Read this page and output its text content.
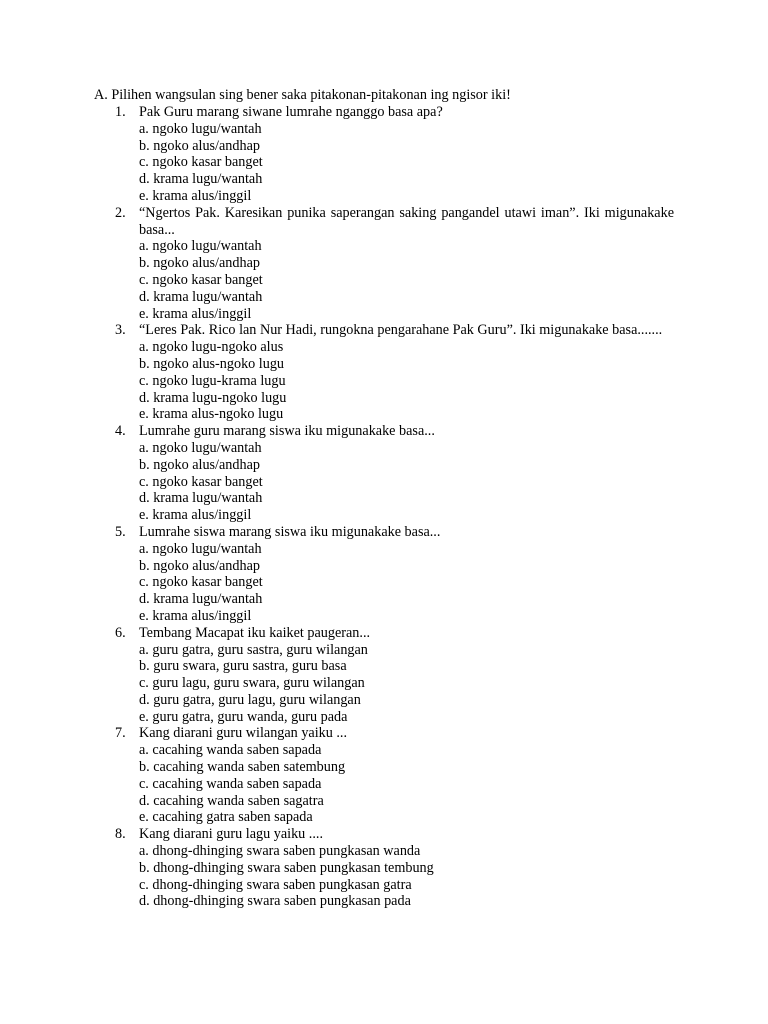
A. Pilihen wangsulan sing bener saka pitakonan-pitakonan ing ngisor iki!
1. Pak Guru marang siwane lumrahe nganggo basa apa?
a. ngoko lugu/wantah
b. ngoko alus/andhap
c. ngoko kasar banget
d. krama lugu/wantah
e. krama alus/inggil
2. “Ngertos Pak. Karesikan punika saperangan saking pangandel utawi iman”. Iki migunakake basa...
a. ngoko lugu/wantah
b. ngoko alus/andhap
c. ngoko kasar banget
d. krama lugu/wantah
e. krama alus/inggil
3. “Leres Pak. Rico lan Nur Hadi, rungokna pengarahane Pak Guru”. Iki migunakake basa.......
a. ngoko lugu-ngoko alus
b. ngoko alus-ngoko lugu
c. ngoko lugu-krama lugu
d. krama lugu-ngoko lugu
e. krama alus-ngoko lugu
4. Lumrahe guru marang siswa iku migunakake basa...
a. ngoko lugu/wantah
b. ngoko alus/andhap
c. ngoko kasar banget
d. krama lugu/wantah
e. krama alus/inggil
5. Lumrahe siswa marang siswa iku migunakake basa...
a. ngoko lugu/wantah
b. ngoko alus/andhap
c. ngoko kasar banget
d. krama lugu/wantah
e. krama alus/inggil
6. Tembang Macapat iku kaiket paugeran...
a. guru gatra, guru sastra, guru wilangan
b. guru swara, guru sastra, guru basa
c. guru lagu, guru swara, guru wilangan
d. guru gatra, guru lagu, guru wilangan
e. guru gatra, guru wanda, guru pada
7. Kang diarani guru wilangan yaiku ...
a. cacahing wanda saben sapada
b. cacahing wanda saben satembung
c. cacahing wanda saben sapada
d. cacahing wanda saben sagatra
e. cacahing gatra saben sapada
8. Kang diarani guru lagu yaiku ....
a. dhong-dhinging swara saben pungkasan wanda
b. dhong-dhinging swara saben pungkasan tembung
c. dhong-dhinging swara saben pungkasan gatra
d. dhong-dhinging swara saben pungkasan pada
